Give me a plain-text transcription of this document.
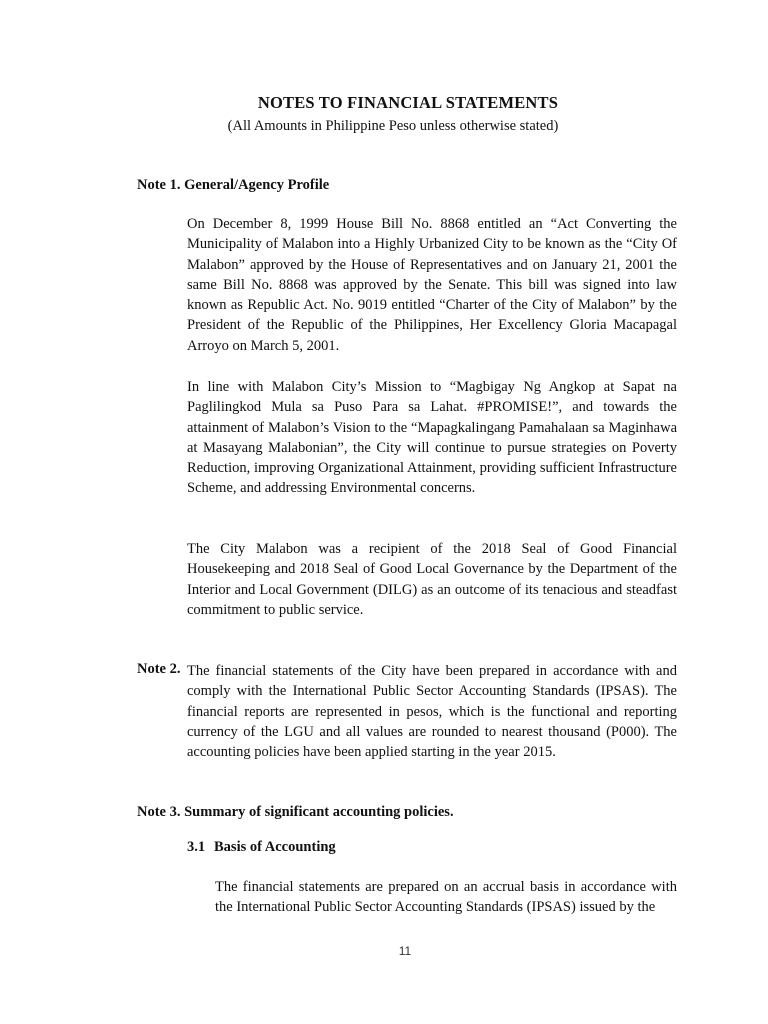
NOTES TO FINANCIAL STATEMENTS

(All Amounts in Philippine Peso unless otherwise stated)

Note 1. General/Agency Profile

On December 8, 1999 House Bill No. 8868 entitled an “Act Converting the Municipality of Malabon into a Highly Urbanized City to be known as the “City Of Malabon” approved by the House of Representatives and on January 21, 2001 the same Bill No. 8868 was approved by the Senate. This bill was signed into law known as Republic Act. No. 9019 entitled “Charter of the City of Malabon” by the President of the Republic of the Philippines, Her Excellency Gloria Macapagal Arroyo on March 5, 2001.

In line with Malabon City’s Mission to “Magbigay Ng Angkop at Sapat na Paglilingkod Mula sa Puso Para sa Lahat. #PROMISE!”, and towards the attainment of Malabon’s Vision to the “Mapagkalingang Pamahalaan sa Maginhawa at Masayang Malabonian”, the City will continue to pursue strategies on Poverty Reduction, improving Organizational Attainment, providing sufficient Infrastructure Scheme, and addressing Environmental concerns.

The City Malabon was a recipient of the 2018 Seal of Good Financial Housekeeping and 2018 Seal of Good Local Governance by the Department of the Interior and Local Government (DILG) as an outcome of its tenacious and steadfast commitment to public service.

Note 2. The financial statements of the City have been prepared in accordance with and comply with the International Public Sector Accounting Standards (IPSAS). The financial reports are represented in pesos, which is the functional and reporting currency of the LGU and all values are rounded to nearest thousand (P000). The accounting policies have been applied starting in the year 2015.

Note 3. Summary of significant accounting policies.

3.1 Basis of Accounting

The financial statements are prepared on an accrual basis in accordance with the International Public Sector Accounting Standards (IPSAS) issued by the

11
